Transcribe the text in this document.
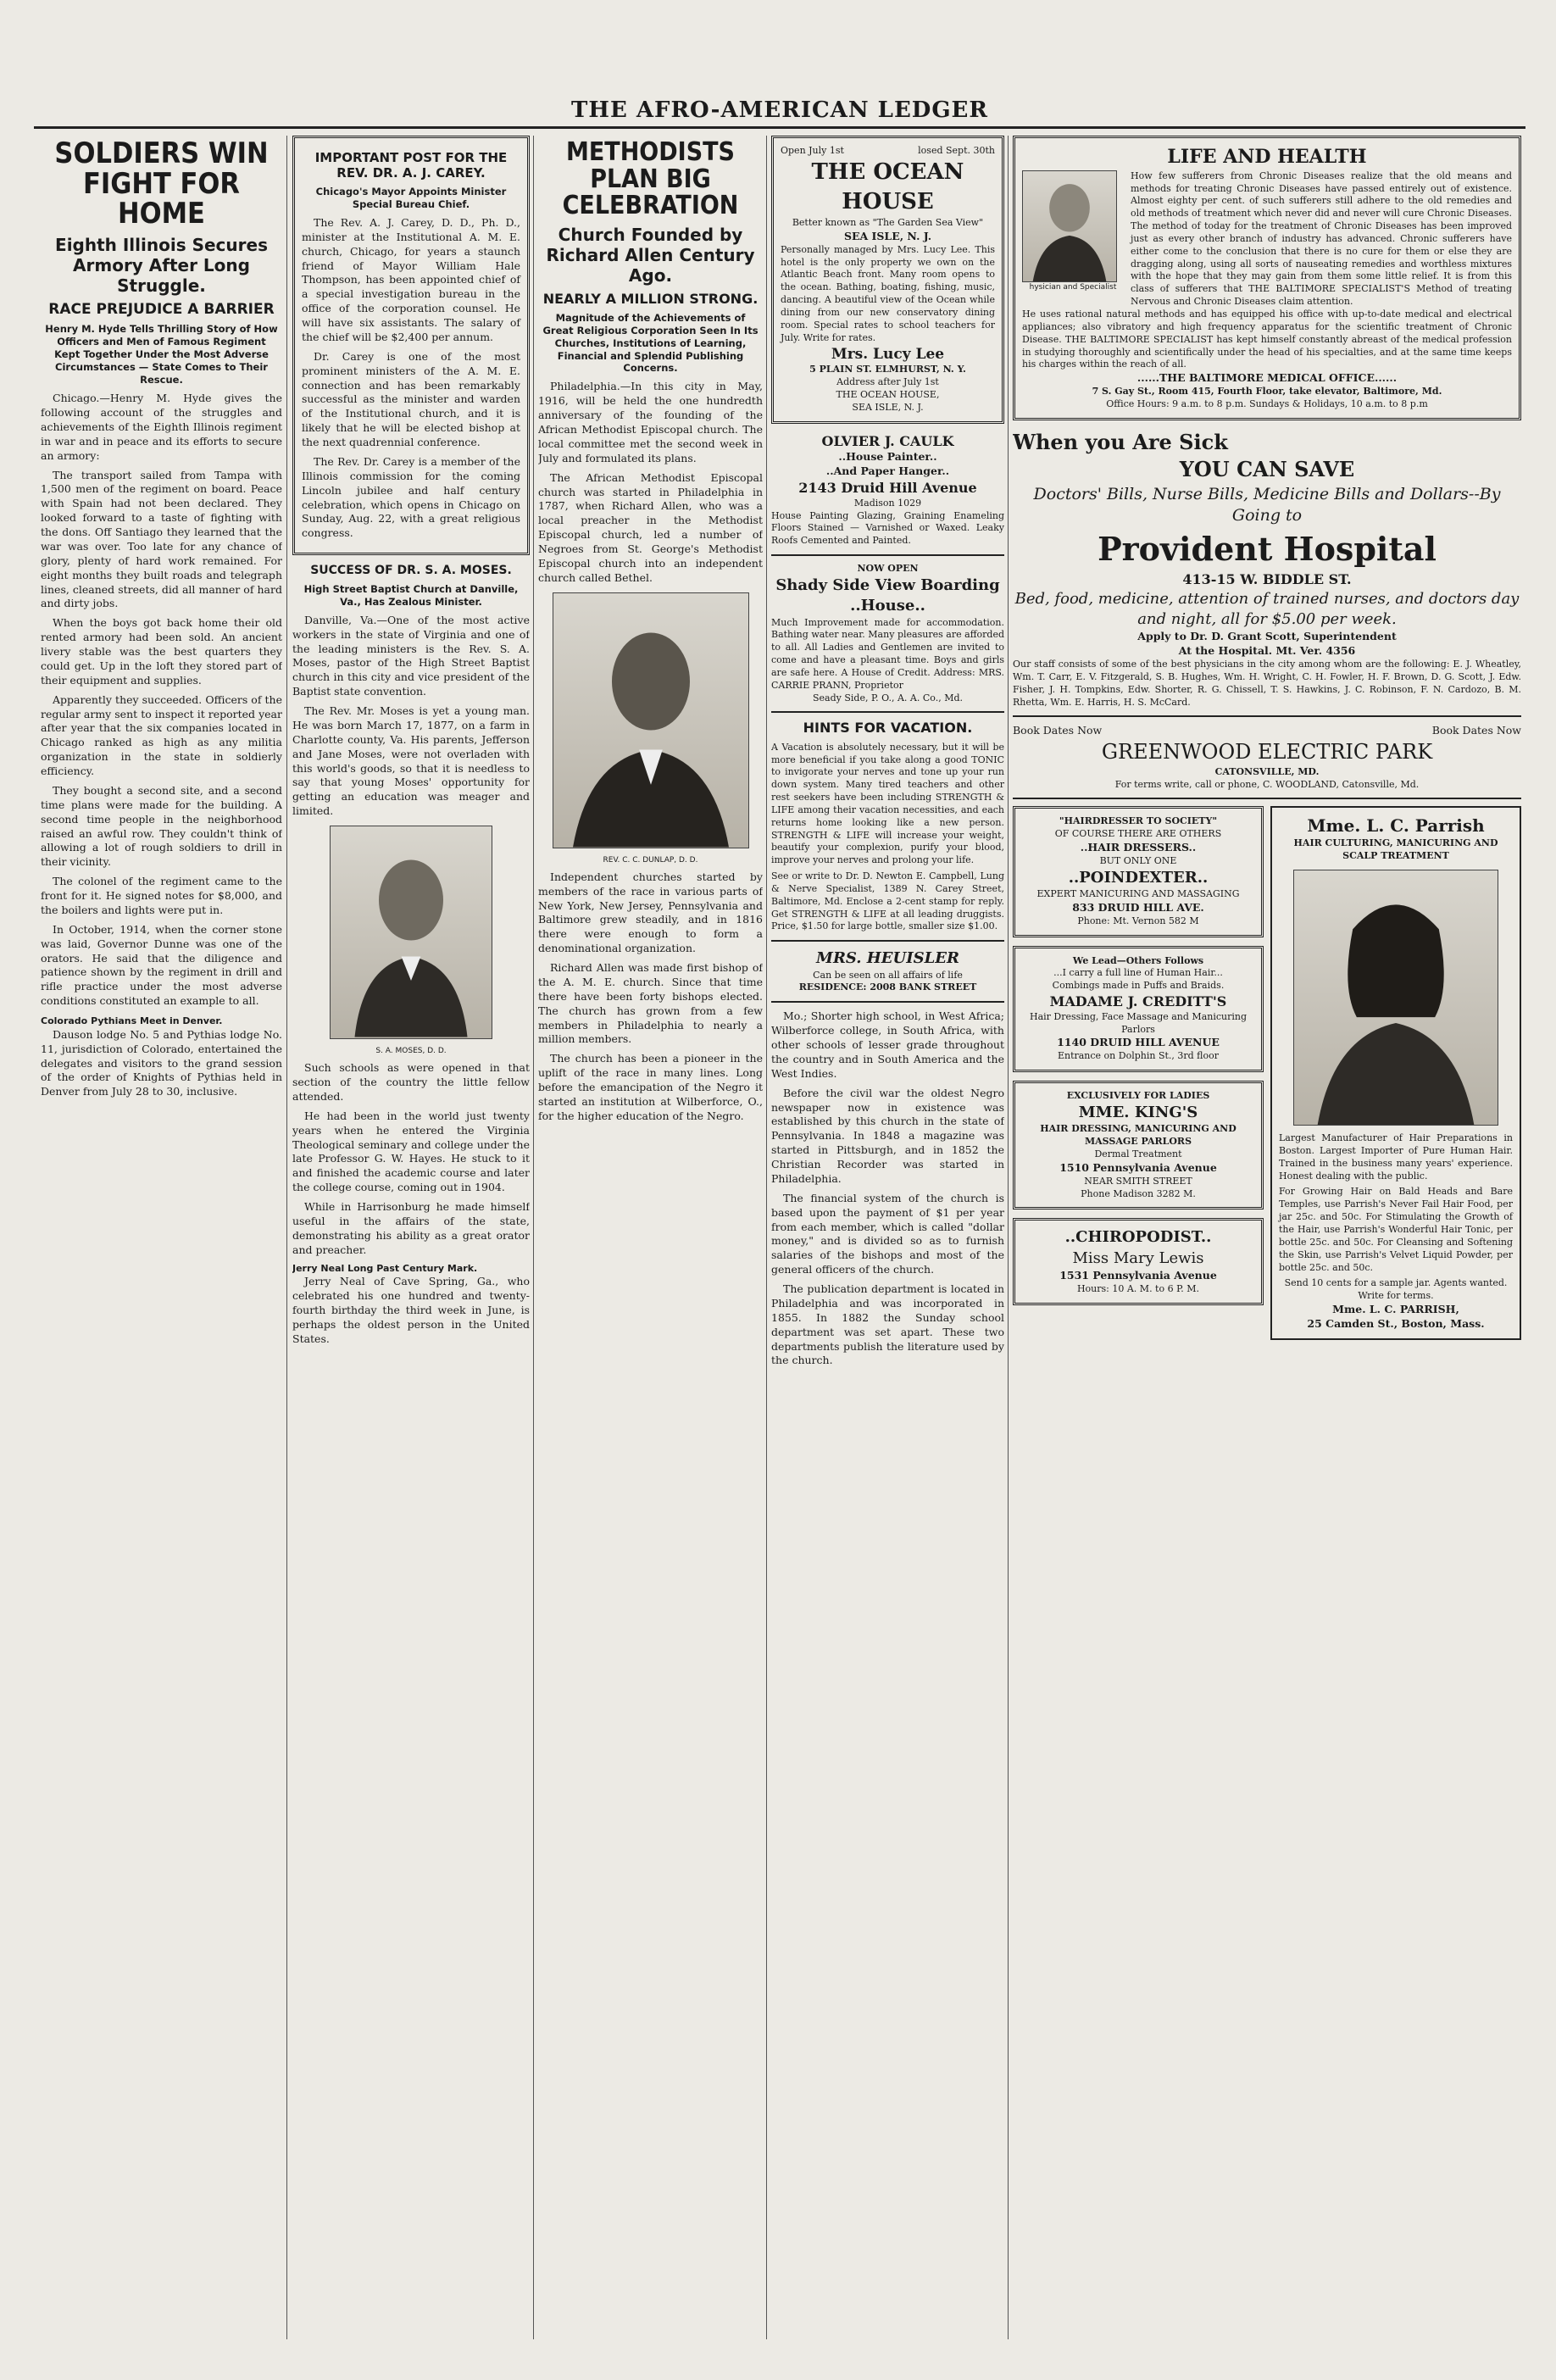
THE AFRO-AMERICAN LEDGER
SOLDIERS WIN FIGHT FOR HOME
Eighth Illinois Secures Armory After Long Struggle.
RACE PREJUDICE A BARRIER
Henry M. Hyde Tells Thrilling Story of How Officers and Men of Famous Regiment Kept Together Under the Most Adverse Circumstances — State Comes to Their Rescue.

Chicago.—Henry M. Hyde gives the following account of the struggles and achievements of the Eighth Illinois regiment in war and in peace and its efforts to secure an armory:

The transport sailed from Tampa with 1,500 men of the regiment on board. Peace with Spain had not been declared. They looked forward to a taste of fighting with the dons. Off Santiago they learned that the war was over. Too late for any chance of glory, plenty of hard work remained. For eight months they built roads and telegraph lines, cleaned streets, did all manner of hard and dirty jobs.

When the boys got back home their old rented armory had been sold. An ancient livery stable was the best quarters they could get. Up in the loft they stored part of their equipment and supplies.

Apparently they succeeded. Officers of the regular army sent to inspect it reported year after year that the six companies located in Chicago ranked as high as any militia organization in the state in soldierly efficiency.

They bought a second site, and a second time plans were made for the building. A second time people in the neighborhood raised an awful row. They couldn't think of allowing a lot of rough soldiers to drill in their vicinity.

The colonel of the regiment came to the front for it. He signed notes for $8,000, and the boilers and lights were put in.

In October, 1914, when the corner stone was laid, Governor Dunne was one of the orators. He said that the diligence and patience shown by the regiment in drill and rifle practice under the most adverse conditions constituted an example to all.

Colorado Pythians Meet in Denver.

Dauson lodge No. 5 and Pythias lodge No. 11, jurisdiction of Colorado, entertained the delegates and visitors to the grand session of the order of Knights of Pythias held in Denver from July 28 to 30, inclusive.

IMPORTANT POST FOR THE REV. DR. A. J. CAREY.
Chicago's Mayor Appoints Minister Special Bureau Chief.

The Rev. A. J. Carey, D. D., Ph. D., minister at the Institutional A. M. E. church, Chicago, for years a staunch friend of Mayor William Hale Thompson, has been appointed chief of a special investigation bureau in the office of the corporation counsel. He will have six assistants. The salary of the chief will be $2,400 per annum.

Dr. Carey is one of the most prominent ministers of the A. M. E. connection and has been remarkably successful as the minister and warden of the Institutional church, and it is likely that he will be elected bishop at the next quadrennial conference.

The Rev. Dr. Carey is a member of the Illinois commission for the coming Lincoln jubilee and half century celebration, which opens in Chicago on Sunday, Aug. 22, with a great religious congress.

SUCCESS OF DR. S. A. MOSES.
High Street Baptist Church at Danville, Va., Has Zealous Minister.

Danville, Va.—One of the most active workers in the state of Virginia and one of the leading ministers is the Rev. S. A. Moses, pastor of the High Street Baptist church in this city and vice president of the Baptist state convention.

The Rev. Mr. Moses is yet a young man. He was born March 17, 1877, on a farm in Charlotte county, Va. His parents, Jefferson and Jane Moses, were not overladen with this world's goods, so that it is needless to say that young Moses' opportunity for getting an education was meager and limited.

S. A. MOSES, D. D.

Such schools as were opened in that section of the country the little fellow attended.

He had been in the world just twenty years when he entered the Virginia Theological seminary and college under the late Professor G. W. Hayes. He stuck to it and finished the academic course and later the college course, coming out in 1904.

While in Harrisonburg he made himself useful in the affairs of the state, demonstrating his ability as a great orator and preacher.

Jerry Neal Long Past Century Mark.

Jerry Neal of Cave Spring, Ga., who celebrated his one hundred and twenty-fourth birthday the third week in June, is perhaps the oldest person in the United States.

METHODISTS PLAN BIG CELEBRATION
Church Founded by Richard Allen Century Ago.
NEARLY A MILLION STRONG.
Magnitude of the Achievements of Great Religious Corporation Seen In Its Churches, Institutions of Learning, Financial and Splendid Publishing Concerns.

Philadelphia.—In this city in May, 1916, will be held the one hundredth anniversary of the founding of the African Methodist Episcopal church. The local committee met the second week in July and formulated its plans.

The African Methodist Episcopal church was started in Philadelphia in 1787, when Richard Allen, who was a local preacher in the Methodist Episcopal church, led a number of Negroes from St. George's Methodist Episcopal church into an independent church called Bethel.

REV. C. C. DUNLAP, D. D.

Independent churches started by members of the race in various parts of New York, New Jersey, Pennsylvania and Baltimore grew steadily, and in 1816 there were enough to form a denominational organization.

Richard Allen was made first bishop of the A. M. E. church. Since that time there have been forty bishops elected. The church has grown from a few members in Philadelphia to nearly a million members.

The church has been a pioneer in the uplift of the race in many lines. Long before the emancipation of the Negro it started an institution at Wilberforce, O., for the higher education of the Negro.

Open July 1st	losed Sept. 30th
THE OCEAN HOUSE
Better known as "The Garden Sea View"
SEA ISLE, N. J.
Personally managed by Mrs. Lucy Lee. This hotel is the only property we own on the Atlantic Beach front. Many room opens to the ocean. Bathing, boating, fishing, music, dancing. A beautiful view of the Ocean while dining from our new conservatory dining room. Special rates to school teachers for July. Write for rates.
Mrs. Lucy Lee
5 PLAIN ST. ELMHURST, N. Y.
Address after July 1st
THE OCEAN HOUSE,
SEA ISLE, N. J.
OLVIER J. CAULK
..House Painter..
..And Paper Hanger..
2143 Druid Hill Avenue
Madison 1029
House Painting Glazing, Graining Enameling Floors Stained — Varnished or Waxed. Leaky Roofs Cemented and Painted.
NOW OPEN
Shady Side View Boarding ..House..
Much Improvement made for accommodation. Bathing water near. Many pleasures are afforded to all. All Ladies and Gentlemen are invited to come and have a pleasant time. Boys and girls are safe here. A House of Credit. Address: MRS. CARRIE PRANN, Proprietor
Seady Side, P. O., A. A. Co., Md.
HINTS FOR VACATION.
A Vacation is absolutely necessary, but it will be more beneficial if you take along a good TONIC to invigorate your nerves and tone up your run down system. Many tired teachers and other rest seekers have been including STRENGTH & LIFE among their vacation necessities, and each returns home looking like a new person. STRENGTH & LIFE will increase your weight, beautify your complexion, purify your blood, improve your nerves and prolong your life.
See or write to Dr. D. Newton E. Campbell, Lung & Nerve Specialist, 1389 N. Carey Street, Baltimore, Md. Enclose a 2-cent stamp for reply. Get STRENGTH & LIFE at all leading druggists. Price, $1.50 for large bottle, smaller size $1.00.
MRS. HEUISLER
Can be seen on all affairs of life
RESIDENCE: 2008 BANK STREET

Mo.; Shorter high school, in West Africa; Wilberforce college, in South Africa, with other schools of lesser grade throughout the country and in South America and the West Indies.

Before the civil war the oldest Negro newspaper now in existence was established by this church in the state of Pennsylvania. In 1848 a magazine was started in Pittsburgh, and in 1852 the Christian Recorder was started in Philadelphia.

The financial system of the church is based upon the payment of $1 per year from each member, which is called "dollar money," and is divided so as to furnish salaries of the bishops and most of the general officers of the church.

The publication department is located in Philadelphia and was incorporated in 1855. In 1882 the Sunday school department was set apart. These two departments publish the literature used by the church.

LIFE AND HEALTH
hysician and Specialist
How few sufferers from Chronic Diseases realize that the old means and methods for treating Chronic Diseases have passed entirely out of existence. Almost eighty per cent. of such sufferers still adhere to the old remedies and old methods of treatment which never did and never will cure Chronic Diseases. The method of today for the treatment of Chronic Diseases has been improved just as every other branch of industry has advanced. Chronic sufferers have either come to the conclusion that there is no cure for them or else they are dragging along, using all sorts of nauseating remedies and worthless mixtures with the hope that they may gain from them some little relief. It is from this class of sufferers that THE BALTIMORE SPECIALIST'S Method of treating Nervous and Chronic Diseases claim attention.
He uses rational natural methods and has equipped his office with up-to-date medical and electrical appliances; also vibratory and high frequency apparatus for the scientific treatment of Chronic Disease. THE BALTIMORE SPECIALIST has kept himself constantly abreast of the medical profession in studying thoroughly and scientifically under the head of his specialties, and at the same time keeps his charges within the reach of all.
......THE BALTIMORE MEDICAL OFFICE......
7 S. Gay St., Room 415, Fourth Floor, take elevator, Baltimore, Md.
Office Hours: 9 a.m. to 8 p.m. Sundays & Holidays, 10 a.m. to 8 p.m
When you Are Sick
YOU CAN SAVE
Doctors' Bills, Nurse Bills, Medicine Bills and Dollars--By Going to
Provident Hospital
413-15 W. BIDDLE ST.
Bed, food, medicine, attention of trained nurses, and doctors day and night, all for $5.00 per week.
Apply to Dr. D. Grant Scott, Superintendent
At the Hospital. Mt. Ver. 4356
Our staff consists of some of the best physicians in the city among whom are the following: E. J. Wheatley, Wm. T. Carr, E. V. Fitzgerald, S. B. Hughes, Wm. H. Wright, C. H. Fowler, H. F. Brown, D. G. Scott, J. Edw. Fisher, J. H. Tompkins, Edw. Shorter, R. G. Chissell, T. S. Hawkins, J. C. Robinson, F. N. Cardozo, B. M. Rhetta, Wm. E. Harris, H. S. McCard.
Book Dates Now	Book Dates Now
GREENWOOD ELECTRIC PARK
CATONSVILLE, MD.
For terms write, call or phone, C. WOODLAND, Catonsville, Md.
"HAIRDRESSER TO SOCIETY"
OF COURSE THERE ARE OTHERS
..HAIR DRESSERS..
BUT ONLY ONE
..POINDEXTER..
EXPERT MANICURING AND MASSAGING
833 DRUID HILL AVE.
Phone: Mt. Vernon 582 M
We Lead—Others Follows
...I carry a full line of Human Hair...
Combings made in Puffs and Braids.
MADAME J. CREDITT'S
Hair Dressing, Face Massage and Manicuring Parlors
1140 DRUID HILL AVENUE
Entrance on Dolphin St., 3rd floor
EXCLUSIVELY FOR LADIES
MME. KING'S
HAIR DRESSING, MANICURING AND MASSAGE PARLORS
Dermal Treatment
1510 Pennsylvania Avenue
NEAR SMITH STREET
Phone Madison 3282 M.
..CHIROPODIST..
Miss Mary Lewis
1531 Pennsylvania Avenue
Hours: 10 A. M. to 6 P. M.
Mme. L. C. Parrish
HAIR CULTURING, MANICURING AND SCALP TREATMENT
Largest Manufacturer of Hair Preparations in Boston. Largest Importer of Pure Human Hair. Trained in the business many years' experience. Honest dealing with the public.
For Growing Hair on Bald Heads and Bare Temples, use Parrish's Never Fail Hair Food, per jar 25c. and 50c. For Stimulating the Growth of the Hair, use Parrish's Wonderful Hair Tonic, per bottle 25c. and 50c. For Cleansing and Softening the Skin, use Parrish's Velvet Liquid Powder, per bottle 25c. and 50c.
Send 10 cents for a sample jar. Agents wanted. Write for terms.
Mme. L. C. PARRISH,
25 Camden St., Boston, Mass.
